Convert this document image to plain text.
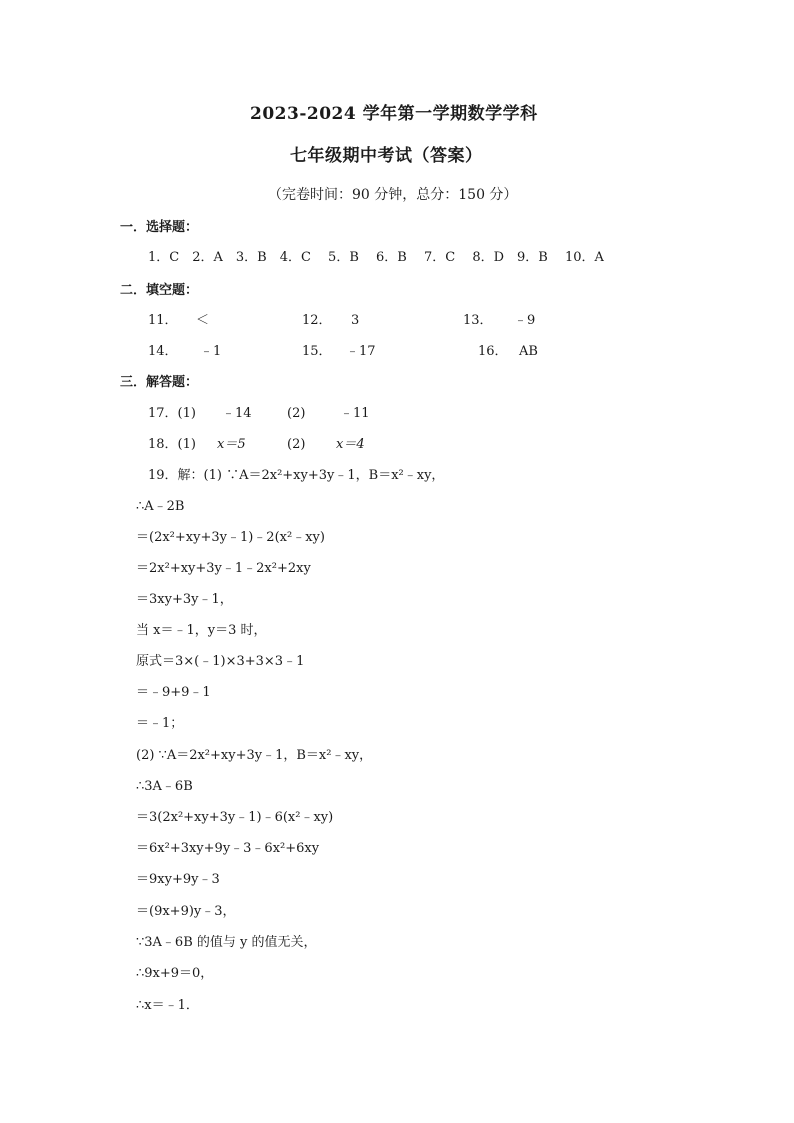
2023-2024 学年第一学期数学学科
七年级期中考试（答案）
（完卷时间：90 分钟，总分：150 分）
一．选择题：
1．C　2．A　3．B　4．C　 5．B　 6．B　 7．C　 8．D　9．B　 10．A
二．填空题：
11． ＜	12． 3	13． ﹣9
14． ﹣1	15． ﹣17	16． AB
三．解答题：
17．(1) ﹣14	(2)	﹣11
18．(1) x＝5	(2) x＝4
19．解：(1) ∵A＝2x²+xy+3y﹣1，B＝x²﹣xy，
∴A﹣2B
＝(2x²+xy+3y﹣1)﹣2(x²﹣xy)
＝2x²+xy+3y﹣1﹣2x²+2xy
＝3xy+3y﹣1，
当 x＝﹣1，y＝3 时，
原式＝3×(﹣1)×3+3×3﹣1
＝﹣9+9﹣1
＝﹣1；
(2) ∵A＝2x²+xy+3y﹣1，B＝x²﹣xy，
∴3A﹣6B
＝3(2x²+xy+3y﹣1)﹣6(x²﹣xy)
＝6x²+3xy+9y﹣3﹣6x²+6xy
＝9xy+9y﹣3
＝(9x+9)y﹣3，
∵3A﹣6B 的值与 y 的值无关，
∴9x+9＝0，
∴x＝﹣1．
